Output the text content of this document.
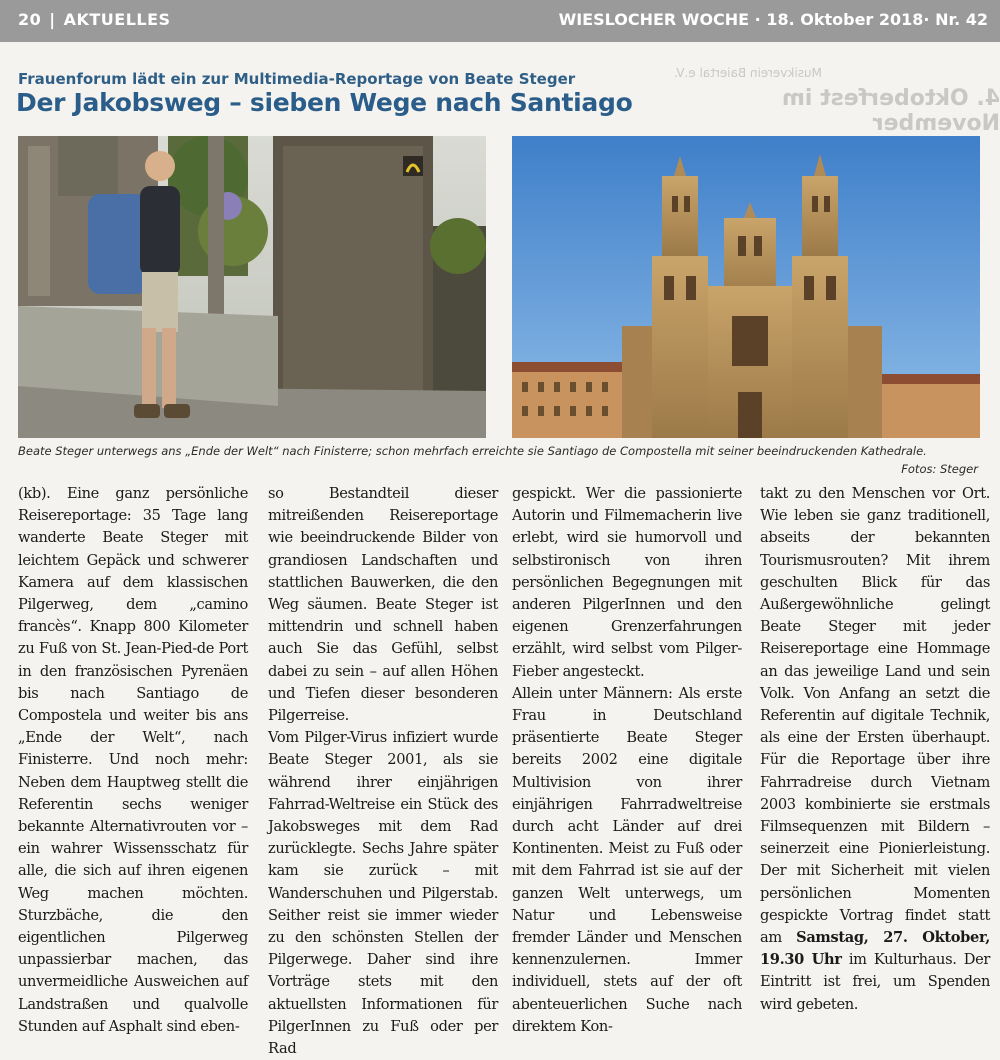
20 | AKTUELLES	WIESLOCHER WOCHE · 18. Oktober 2018· Nr. 42
Musikverein Baiertal e.V.
4. Oktoberfest im November
Frauenforum lädt ein zur Multimedia-Reportage von Beate Steger
Der Jakobsweg – sieben Wege nach Santiago
Beate Steger unterwegs ans „Ende der Welt“ nach Finisterre; schon mehrfach erreichte sie Santiago de Compostella mit seiner beeindruckenden Kathedrale.
Fotos: Steger

(kb). Eine ganz persönliche Reisereportage: 35 Tage lang wanderte Beate Steger mit leichtem Gepäck und schwerer Kamera auf dem klassischen Pilgerweg, dem „camino francès“. Knapp 800 Kilometer zu Fuß von St. Jean-Pied-de Port in den französischen Pyrenäen bis nach Santiago de Compostela und weiter bis ans „Ende der Welt“, nach Finisterre. Und noch mehr: Neben dem Hauptweg stellt die Referentin sechs weniger bekannte Alternativrouten vor – ein wahrer Wissensschatz für alle, die sich auf ihren eigenen Weg machen möchten. Sturzbäche, die den eigentlichen Pilgerweg unpassierbar machen, das unvermeidliche Ausweichen auf Landstraßen und qualvolle Stunden auf Asphalt sind eben-

so Bestandteil dieser mitreißenden Reisereportage wie beeindruckende Bilder von grandiosen Landschaften und stattlichen Bauwerken, die den Weg säumen. Beate Steger ist mittendrin und schnell haben auch Sie das Gefühl, selbst dabei zu sein – auf allen Höhen und Tiefen dieser besonderen Pilgerreise.

Vom Pilger-Virus infiziert wurde Beate Steger 2001, als sie während ihrer einjährigen Fahrrad-Weltreise ein Stück des Jakobsweges mit dem Rad zurücklegte. Sechs Jahre später kam sie zurück – mit Wanderschuhen und Pilgerstab. Seither reist sie immer wieder zu den schönsten Stellen der Pilgerwege. Daher sind ihre Vorträge stets mit den aktuellsten Informationen für PilgerInnen zu Fuß oder per Rad

gespickt. Wer die passionierte Autorin und Filmemacherin live erlebt, wird sie humorvoll und selbstironisch von ihren persönlichen Begegnungen mit anderen PilgerInnen und den eigenen Grenzerfahrungen erzählt, wird selbst vom Pilger-Fieber angesteckt.

Allein unter Männern: Als erste Frau in Deutschland präsentierte Beate Steger bereits 2002 eine digitale Multivision von ihrer einjährigen Fahrradweltreise durch acht Länder auf drei Kontinenten. Meist zu Fuß oder mit dem Fahrrad ist sie auf der ganzen Welt unterwegs, um Natur und Lebensweise fremder Länder und Menschen kennenzulernen. Immer individuell, stets auf der oft abenteuerlichen Suche nach direktem Kon-

takt zu den Menschen vor Ort. Wie leben sie ganz traditionell, abseits der bekannten Tourismusrouten? Mit ihrem geschulten Blick für das Außergewöhnliche gelingt Beate Steger mit jeder Reisereportage eine Hommage an das jeweilige Land und sein Volk. Von Anfang an setzt die Referentin auf digitale Technik, als eine der Ersten überhaupt. Für die Reportage über ihre Fahrradreise durch Vietnam 2003 kombinierte sie erstmals Filmsequenzen mit Bildern – seinerzeit eine Pionierleistung. Der mit Sicherheit mit vielen persönlichen Momenten gespickte Vortrag findet statt am Samstag, 27. Oktober, 19.30 Uhr im Kulturhaus. Der Eintritt ist frei, um Spenden wird gebeten.
